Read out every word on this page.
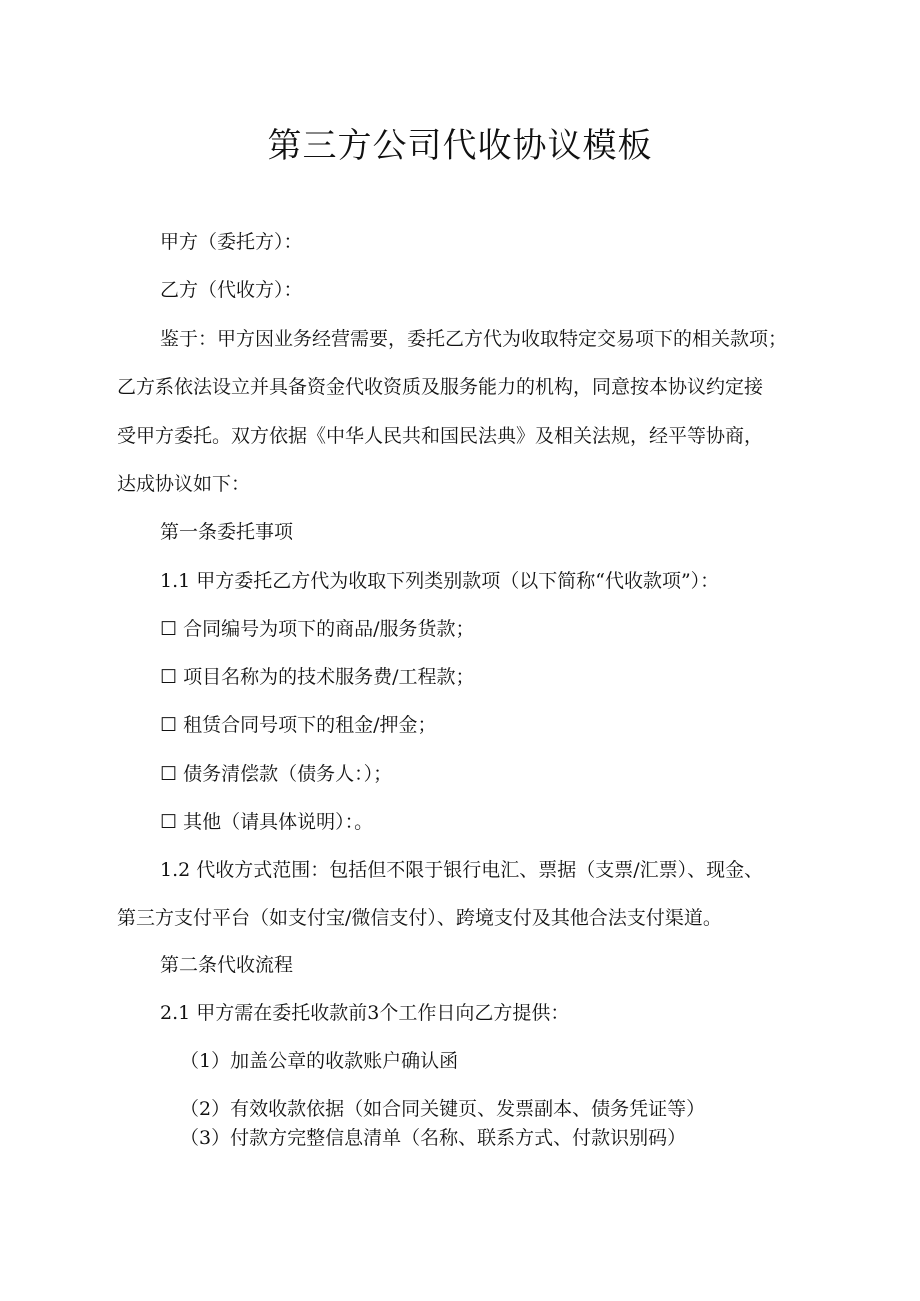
第三方公司代收协议模板
甲方（委托方）：
乙方（代收方）：
鉴于：甲方因业务经营需要，委托乙方代为收取特定交易项下的相关款项；
乙方系依法设立并具备资金代收资质及服务能力的机构，同意按本协议约定接
受甲方委托。双方依据《中华人民共和国民法典》及相关法规，经平等协商，
达成协议如下：
第一条委托事项
1.1 甲方委托乙方代为收取下列类别款项（以下简称“代收款项”）：
☐ 合同编号为项下的商品/服务货款；
☐ 项目名称为的技术服务费/工程款；
☐ 租赁合同号项下的租金/押金；
☐ 债务清偿款（债务人：）；
☐ 其他（请具体说明）：。
1.2 代收方式范围：包括但不限于银行电汇、票据（支票/汇票）、现金、
第三方支付平台（如支付宝/微信支付）、跨境支付及其他合法支付渠道。
第二条代收流程
2.1 甲方需在委托收款前3个工作日向乙方提供：
（1）加盖公章的收款账户确认函
（2）有效收款依据（如合同关键页、发票副本、债务凭证等）
（3）付款方完整信息清单（名称、联系方式、付款识别码）
